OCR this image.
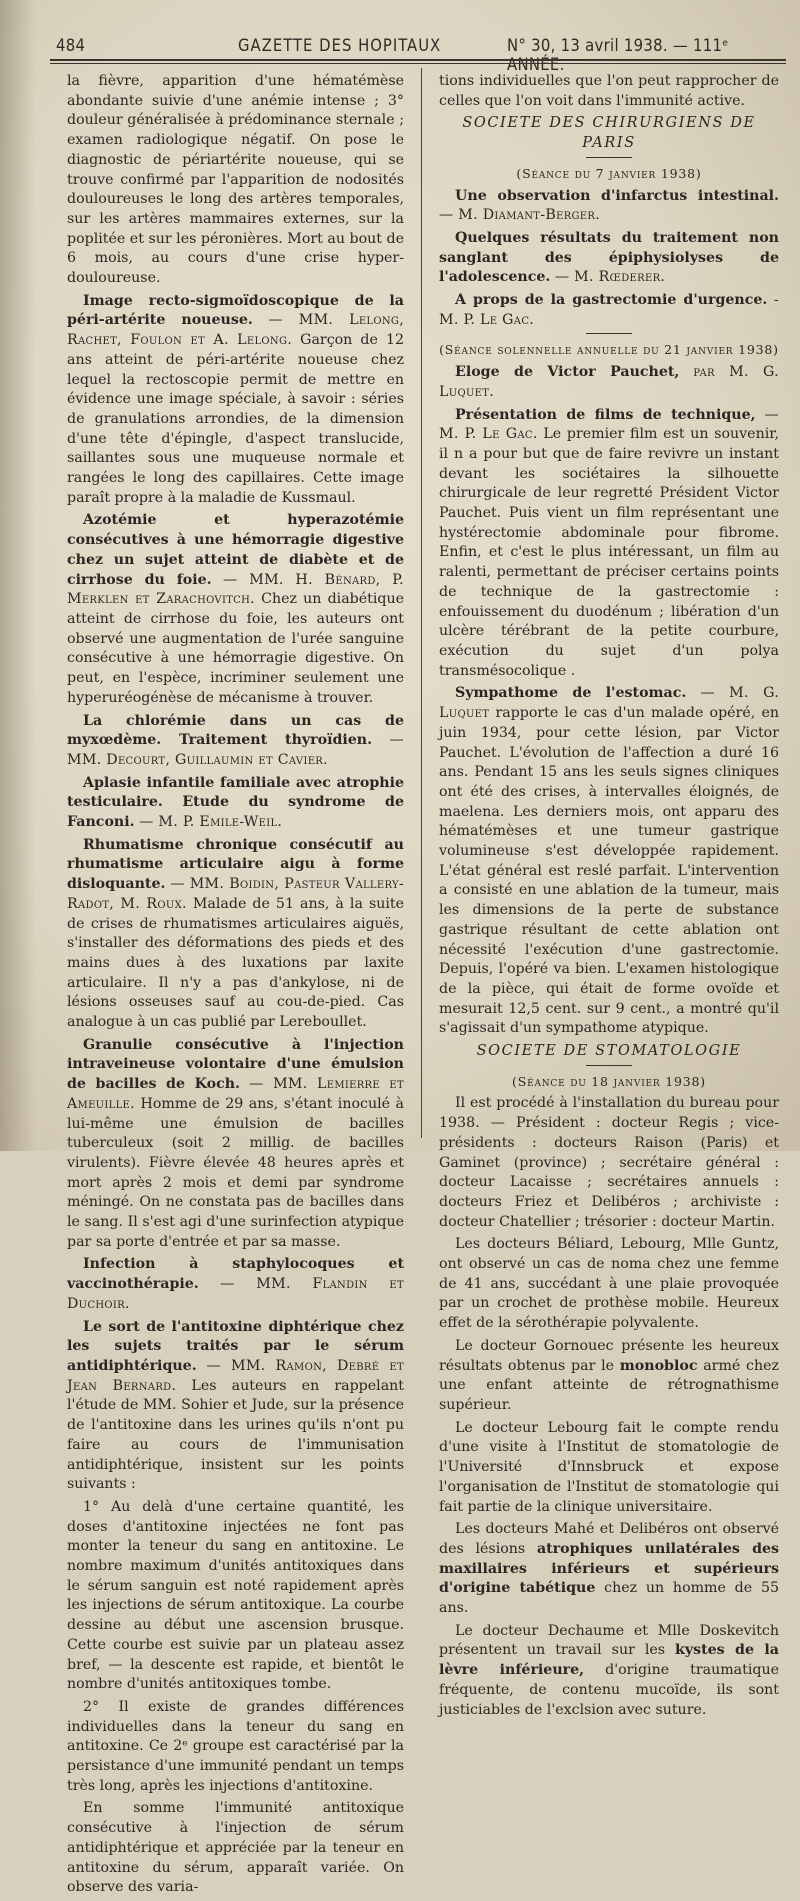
484	GAZETTE DES HOPITAUX	N° 30, 13 avril 1938. — 111ᵉ ANNÉE.

la fièvre, apparition d'une hématémèse abondante suivie d'une anémie intense ; 3° douleur généralisée à prédominance sternale ; examen radiologique négatif. On pose le diagnostic de périartérite noueuse, qui se trouve confirmé par l'apparition de nodosités douloureuses le long des artères temporales, sur les artères mammaires externes, sur la poplitée et sur les péronières. Mort au bout de 6 mois, au cours d'une crise hyper-douloureuse.

Image recto-sigmoïdoscopique de la péri-artérite noueuse. — MM. Lelong, Rachet, Foulon et A. Lelong. Garçon de 12 ans atteint de péri-artérite noueuse chez lequel la rectoscopie permit de mettre en évidence une image spéciale, à savoir : séries de granulations arrondies, de la dimension d'une tête d'épingle, d'aspect translucide, saillantes sous une muqueuse normale et rangées le long des capillaires. Cette image paraît propre à la maladie de Kussmaul.

Azotémie et hyperazotémie consécutives à une hémorragie digestive chez un sujet atteint de diabète et de cirrhose du foie. — MM. H. Bénard, P. Merklen et Zarachovitch. Chez un diabétique atteint de cirrhose du foie, les auteurs ont observé une augmentation de l'urée sanguine consécutive à une hémorragie digestive. On peut, en l'espèce, incriminer seulement une hyperuréogénèse de mécanisme à trouver.

La chlorémie dans un cas de myxœdème. Traitement thyroïdien. — MM. Decourt, Guillaumin et Cavier.

Aplasie infantile familiale avec atrophie testiculaire. Etude du syndrome de Fanconi. — M. P. Emile-Weil.

Rhumatisme chronique consécutif au rhumatisme articulaire aigu à forme disloquante. — MM. Boidin, Pasteur Vallery-Radot, M. Roux. Malade de 51 ans, à la suite de crises de rhumatismes articulaires aiguës, s'installer des déformations des pieds et des mains dues à des luxations par laxite articulaire. Il n'y a pas d'ankylose, ni de lésions osseuses sauf au cou-de-pied. Cas analogue à un cas publié par Lereboullet.

Granulie consécutive à l'injection intraveineuse volontaire d'une émulsion de bacilles de Koch. — MM. Lemierre et Ameuille. Homme de 29 ans, s'étant inoculé à lui-même une émulsion de bacilles tuberculeux (soit 2 millig. de bacilles virulents). Fièvre élevée 48 heures après et mort après 2 mois et demi par syndrome méningé. On ne constata pas de bacilles dans le sang. Il s'est agi d'une surinfection atypique par sa porte d'entrée et par sa masse.

Infection à staphylocoques et vaccinothérapie. — MM. Flandin et Duchoir.

Le sort de l'antitoxine diphtérique chez les sujets traités par le sérum antidiphtérique. — MM. Ramon, Debré et Jean Bernard. Les auteurs en rappelant l'étude de MM. Sohier et Jude, sur la présence de l'antitoxine dans les urines qu'ils n'ont pu faire au cours de l'immunisation antidiphtérique, insistent sur les points suivants :

1° Au delà d'une certaine quantité, les doses d'antitoxine injectées ne font pas monter la teneur du sang en antitoxine. Le nombre maximum d'unités antitoxiques dans le sérum sanguin est noté rapidement après les injections de sérum antitoxique. La courbe dessine au début une ascension brusque. Cette courbe est suivie par un plateau assez bref, — la descente est rapide, et bientôt le nombre d'unités antitoxiques tombe.

2° Il existe de grandes différences individuelles dans la teneur du sang en antitoxine. Ce 2ᵉ groupe est caractérisé par la persistance d'une immunité pendant un temps très long, après les injections d'antitoxine.

En somme l'immunité antitoxique consécutive à l'injection de sérum antidiphtérique et appréciée par la teneur en antitoxine du sérum, apparaît variée. On observe des varia-

tions individuelles que l'on peut rapprocher de celles que l'on voit dans l'immunité active.

SOCIETE DES CHIRURGIENS DE PARIS

(Séance du 7 janvier 1938)

Une observation d'infarctus intestinal. — M. Diamant-Berger.

Quelques résultats du traitement non sanglant des épiphysiolyses de l'adolescence. — M. Rœderer.

A props de la gastrectomie d'urgence. - M. P. Le Gac.

(Séance solennelle annuelle du 21 janvier 1938)

Eloge de Victor Pauchet, par M. G. Luquet.

Présentation de films de technique, — M. P. Le Gac. Le premier film est un souvenir, il n a pour but que de faire revivre un instant devant les sociétaires la silhouette chirurgicale de leur regretté Président Victor Pauchet. Puis vient un film représentant une hystérectomie abdominale pour fibrome. Enfin, et c'est le plus intéressant, un film au ralenti, permettant de préciser certains points de technique de la gastrectomie : enfouissement du duodénum ; libération d'un ulcère térébrant de la petite courbure, exécution du sujet d'un polya transmésocolique .

Sympathome de l'estomac. — M. G. Luquet rapporte le cas d'un malade opéré, en juin 1934, pour cette lésion, par Victor Pauchet. L'évolution de l'affection a duré 16 ans. Pendant 15 ans les seuls signes cliniques ont été des crises, à intervalles éloignés, de maelena. Les derniers mois, ont apparu des hématémèses et une tumeur gastrique volumineuse s'est développée rapidement. L'état général est reslé parfait. L'intervention a consisté en une ablation de la tumeur, mais les dimensions de la perte de substance gastrique résultant de cette ablation ont nécessité l'exécution d'une gastrectomie. Depuis, l'opéré va bien. L'examen histologique de la pièce, qui était de forme ovoïde et mesurait 12,5 cent. sur 9 cent., a montré qu'il s'agissait d'un sympathome atypique.

SOCIETE DE STOMATOLOGIE

(Séance du 18 janvier 1938)

Il est procédé à l'installation du bureau pour 1938. — Président : docteur Regis ; vice-présidents : docteurs Raison (Paris) et Gaminet (province) ; secrétaire général : docteur Lacaisse ; secrétaires annuels : docteurs Friez et Delibéros ; archiviste : docteur Chatellier ; trésorier : docteur Martin.

Les docteurs Béliard, Lebourg, Mlle Guntz, ont observé un cas de noma chez une femme de 41 ans, succédant à une plaie provoquée par un crochet de prothèse mobile. Heureux effet de la sérothérapie polyvalente.

Le docteur Gornouec présente les heureux résultats obtenus par le monobloc armé chez une enfant atteinte de rétrognathisme supérieur.

Le docteur Lebourg fait le compte rendu d'une visite à l'Institut de stomatologie de l'Université d'Innsbruck et expose l'organisation de l'Institut de stomatologie qui fait partie de la clinique universitaire.

Les docteurs Mahé et Delibéros ont observé des lésions atrophiques unilatérales des maxillaires inférieurs et supérieurs d'origine tabétique chez un homme de 55 ans.

Le docteur Dechaume et Mlle Doskevitch présentent un travail sur les kystes de la lèvre inférieure, d'origine traumatique fréquente, de contenu mucoïde, ils sont justiciables de l'exclsion avec suture.
